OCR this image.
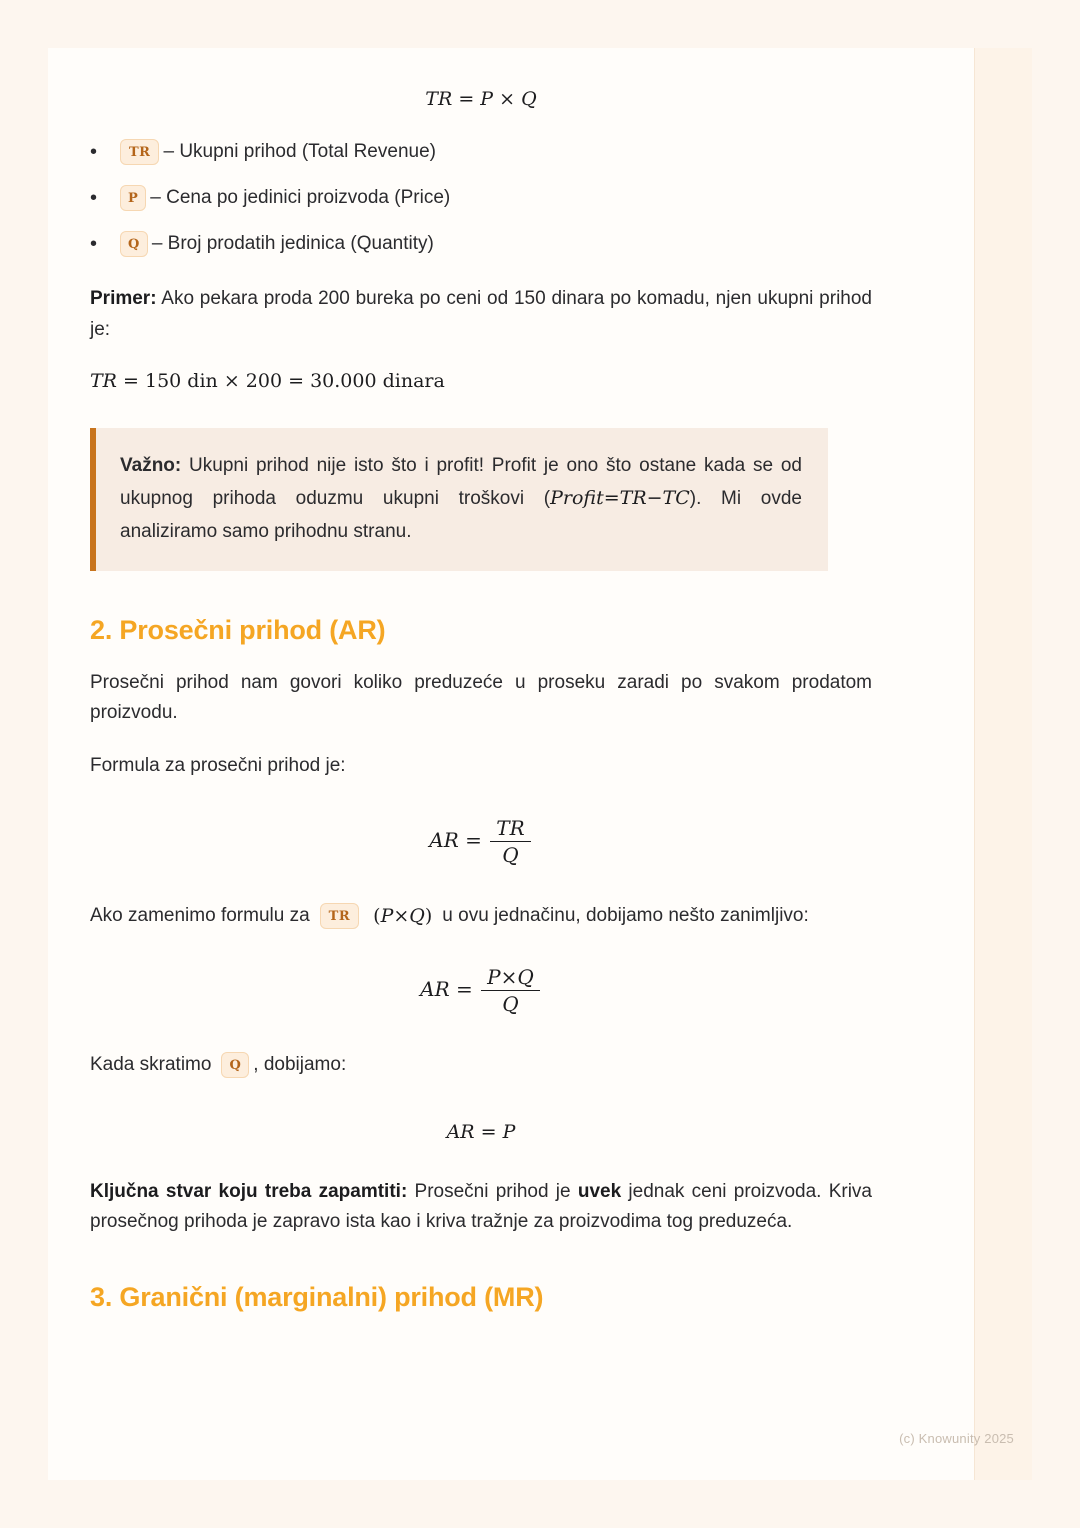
TR = P × Q
•	TR – Ukupni prihod (Total Revenue)
•	P – Cena po jedinici proizvoda (Price)
•	Q – Broj prodatih jedinica (Quantity)

Primer: Ako pekara proda 200 bureka po ceni od 150 dinara po komadu, njen ukupni prihod je:

TR = 150 din × 200 = 30.000 dinara

Važno: Ukupni prihod nije isto što i profit! Profit je ono što ostane kada se od ukupnog prihoda oduzmu ukupni troškovi (Profit=TR−TC). Mi ovde analiziramo samo prihodnu stranu.

2. Prosečni prihod (AR)

Prosečni prihod nam govori koliko preduzeće u proseku zaradi po svakom prodatom proizvodu.

Formula za prosečni prihod je:

AR = $\frac{TR}{Q}$
Ako zamenimo formulu za	TR	(P×Q) u ovu jednačinu, dobijamo nešto zanimljivo:
AR = $\frac{P\times Q}{Q}$
Kada skratimo	Q , dobijamo:
AR = P

Ključna stvar koju treba zapamtiti: Prosečni prihod je uvek jednak ceni proizvoda. Kriva prosečnog prihoda je zapravo ista kao i kriva tražnje za proizvodima tog preduzeća.

3. Granični (marginalni) prihod (MR)
(c) Knowunity 2025
